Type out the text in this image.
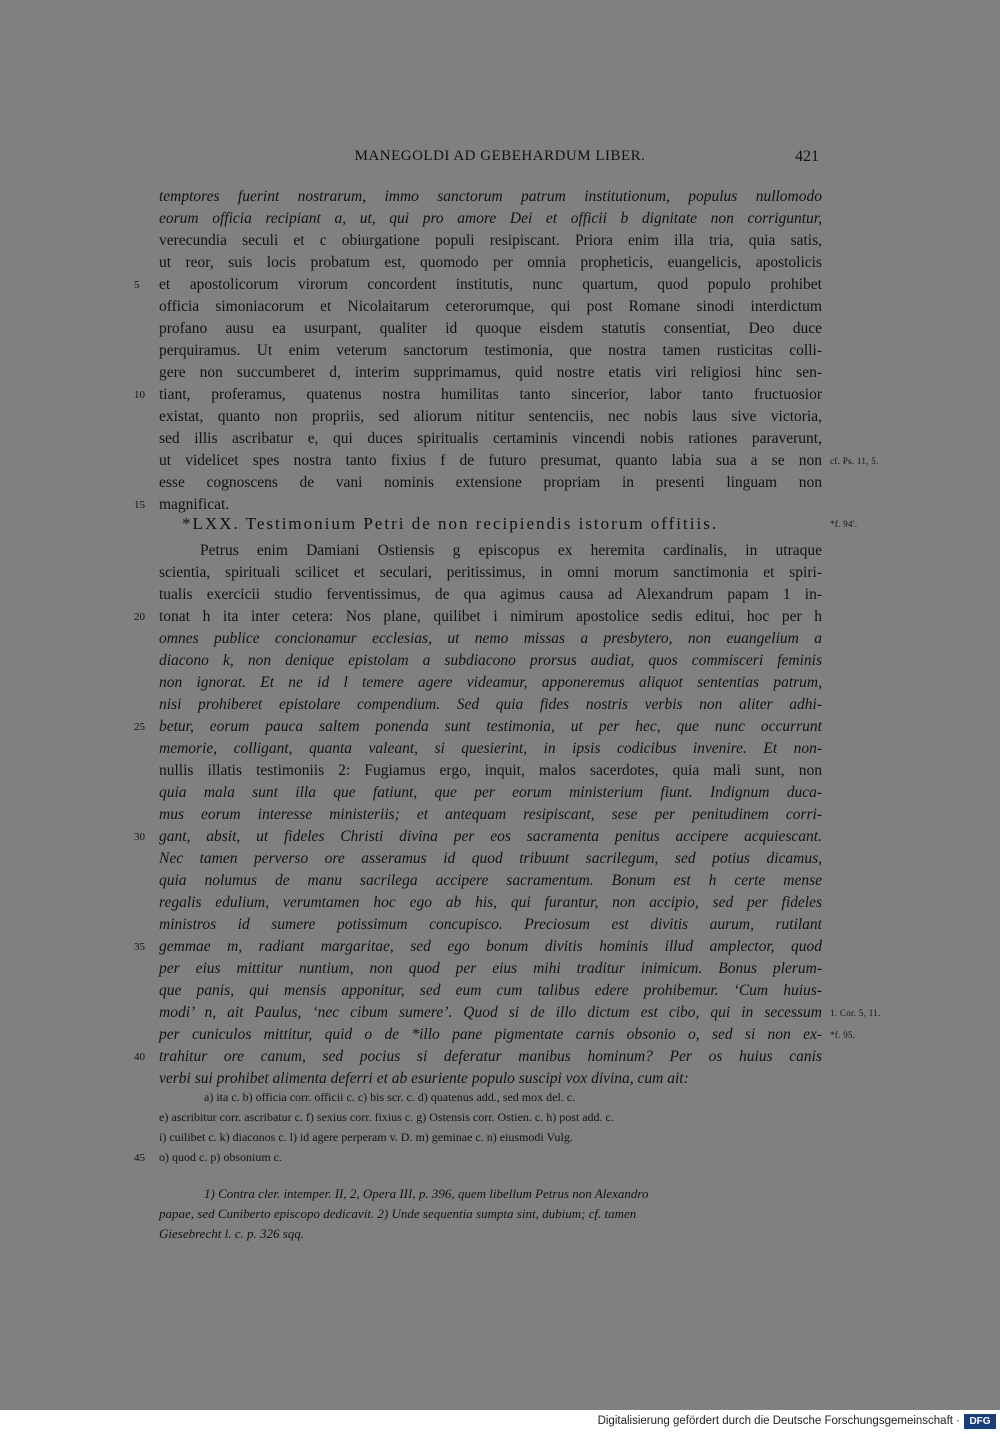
MANEGOLDI AD GEBEHARDUM LIBER.	421
temptores fuerint nostrarum, immo sanctorum patrum institutionum, populus nullomodo
eorum officia recipiant a, ut, qui pro amore Dei et officii b dignitate non corriguntur,
verecundia seculi et c obiurgatione populi resipiscant. Priora enim illa tria, quia satis,
ut reor, suis locis probatum est, quomodo per omnia propheticis, euangelicis, apostolicis
et apostolicorum virorum concordent institutis, nunc quartum, quod populo prohibet
officia simoniacorum et Nicolaitarum ceterorumque, qui post Romane sinodi interdictum
profano ausu ea usurpant, qualiter id quoque eisdem statutis consentiat, Deo duce
perquiramus. Ut enim veterum sanctorum testimonia, que nostra tamen rusticitas colli-
gere non succumberet d, interim supprimamus, quid nostre etatis viri religiosi hinc sen-
tiant, proferamus, quatenus nostra humilitas tanto sincerior, labor tanto fructuosior
existat, quanto non propriis, sed aliorum nititur sentenciis, nec nobis laus sive victoria,
sed illis ascribatur e, qui duces spiritualis certaminis vincendi nobis rationes paraverunt,
ut videlicet spes nostra tanto fixius f de futuro presumat, quanto labia sua a se non
esse cognoscens de vani nominis extensione propriam in presenti linguam non
magnificat.
*LXX. Testimonium Petri de non recipiendis istorum offitiis.
Petrus enim Damiani Ostiensis g episcopus ex heremita cardinalis, in utraque
scientia, spirituali scilicet et seculari, peritissimus, in omni morum sanctimonia et spiri-
tualis exercicii studio ferventissimus, de qua agimus causa ad Alexandrum papam 1 in-
tonat h ita inter cetera: Nos plane, quilibet i nimirum apostolice sedis editui, hoc per h
omnes publice concionamur ecclesias, ut nemo missas a presbytero, non euangelium a
diacono k, non denique epistolam a subdiacono prorsus audiat, quos commisceri feminis
non ignorat. Et ne id l temere agere videamur, apponeremus aliquot sententias patrum,
nisi prohiberet epistolare compendium. Sed quia fides nostris verbis non aliter adhi-
betur, eorum pauca saltem ponenda sunt testimonia, ut per hec, que nunc occurrunt
memorie, colligant, quanta valeant, si quesierint, in ipsis codicibus invenire. Et non-
nullis illatis testimoniis 2: Fugiamus ergo, inquit, malos sacerdotes, quia mali sunt, non
quia mala sunt illa que fatiunt, que per eorum ministerium fiunt. Indignum duca-
mus eorum interesse ministeriis; et antequam resipiscant, sese per penitudinem corri-
gant, absit, ut fideles Christi divina per eos sacramenta penitus accipere acquiescant.
Nec tamen perverso ore asseramus id quod tribuunt sacrilegum, sed potius dicamus,
quia nolumus de manu sacrilega accipere sacramentum. Bonum est h certe mense
regalis edulium, verumtamen hoc ego ab his, qui furantur, non accipio, sed per fideles
ministros id sumere potissimum concupisco. Preciosum est divitis aurum, rutilant
gemmae m, radiant margaritae, sed ego bonum divitis hominis illud amplector, quod
per eius mittitur nuntium, non quod per eius mihi traditur inimicum. Bonus plerum-
que panis, qui mensis apponitur, sed eum cum talibus edere prohibemur. ‘Cum huius-
modi’ n, ait Paulus, ‘nec cibum sumere’. Quod si de illo dictum est cibo, qui in secessum
per cuniculos mittitur, quid o de *illo pane pigmentate carnis obsonio o, sed si non ex-
trahitur ore canum, sed pocius si deferatur manibus hominum? Per os huius canis
verbi sui prohibet alimenta deferri et ab esuriente populo suscipi vox divina, cum ait:
5
10
15
20
25
30
35
40
45
cf. Ps. 11, 5.
*f. 94'.
1. Cor. 5, 11.
*f. 95.
a) ita c. b) officia corr. officii c. c) bis scr. c. d) quatenus add., sed mox del. c.
e) ascribitur corr. ascribatur c. f) sexius corr. fixius c. g) Ostensis corr. Ostien. c. h) post add. c.
i) cuilibet c. k) diaconos c. l) id agere perperam v. D. m) geminae c. n) eiusmodi Vulg.
o) quod c. p) obsonium c.
1) Contra cler. intemper. II, 2, Opera III, p. 396, quem libellum Petrus non Alexandro
papae, sed Cuniberto episcopo dedicavit. 2) Unde sequentia sumpta sint, dubium; cf. tamen
Giesebrecht l. c. p. 326 sqq.
Digitalisierung gefördert durch die Deutsche Forschungsgemeinschaft · DFG
